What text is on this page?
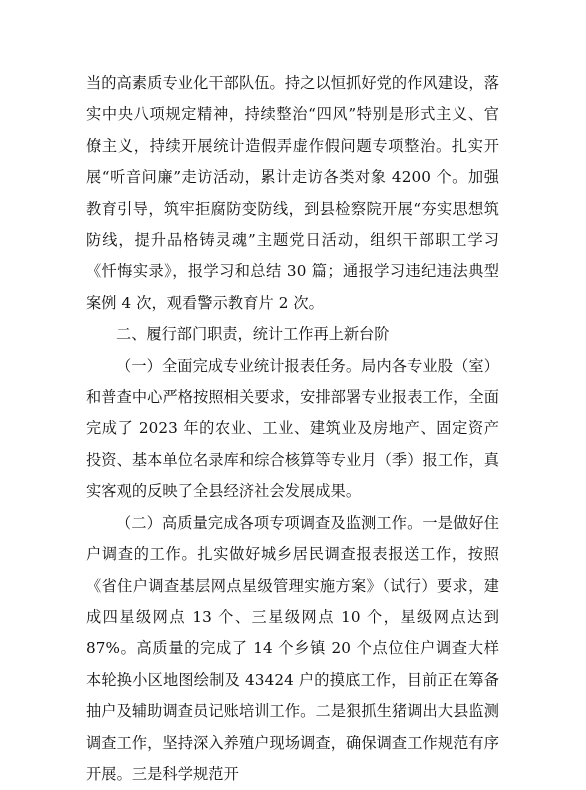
当的高素质专业化干部队伍。持之以恒抓好党的作风建设，落实中央八项规定精神，持续整治“四风”特别是形式主义、官僚主义，持续开展统计造假弄虚作假问题专项整治。扎实开展“听音问廉”走访活动，累计走访各类对象 4200 个。加强教育引导，筑牢拒腐防变防线，到县检察院开展“夯实思想筑防线，提升品格铸灵魂”主题党日活动，组织干部职工学习《忏悔实录》，报学习和总结 30 篇；通报学习违纪违法典型案例 4 次，观看警示教育片 2 次。

二、履行部门职责，统计工作再上新台阶

（一）全面完成专业统计报表任务。局内各专业股（室）和普查中心严格按照相关要求，安排部署专业报表工作，全面完成了 2023 年的农业、工业、建筑业及房地产、固定资产投资、基本单位名录库和综合核算等专业月（季）报工作，真实客观的反映了全县经济社会发展成果。

（二）高质量完成各项专项调查及监测工作。一是做好住户调查的工作。扎实做好城乡居民调查报表报送工作，按照《省住户调查基层网点星级管理实施方案》（试行）要求，建成四星级网点 13 个、三星级网点 10 个，星级网点达到 87%。高质量的完成了 14 个乡镇 20 个点位住户调查大样本轮换小区地图绘制及 43424 户的摸底工作，目前正在筹备抽户及辅助调查员记账培训工作。二是狠抓生猪调出大县监测调查工作，坚持深入养殖户现场调查，确保调查工作规范有序开展。三是科学规范开
